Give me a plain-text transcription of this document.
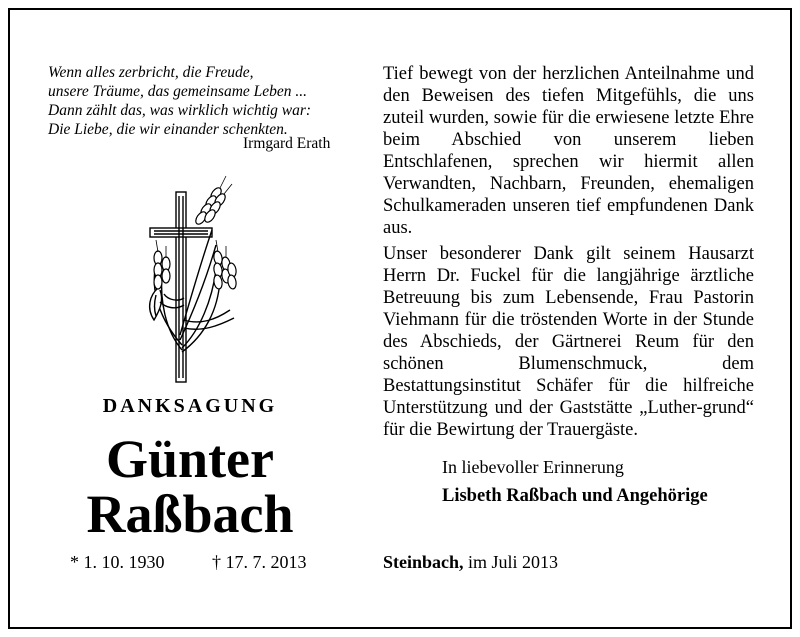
Wenn alles zerbricht, die Freude,
unsere Träume, das gemeinsame Leben ...
Dann zählt das, was wirklich wichtig war:
Die Liebe, die wir einander schenkten.
Irmgard Erath
DANKSAGUNG
Günter
Raßbach
* 1. 10. 1930	† 17. 7. 2013
Tief bewegt von der herzlichen Anteilnahme und den Beweisen des tiefen Mitgefühls, die uns zuteil wurden, sowie für die erwiesene letzte Ehre beim Abschied von unserem lieben Entschlafenen, sprechen wir hiermit allen Verwandten, Nachbarn, Freunden, ehemaligen Schulkameraden unseren tief empfundenen Dank aus.
Unser besonderer Dank gilt seinem Hausarzt Herrn Dr. Fuckel für die langjährige ärztliche Betreuung bis zum Lebensende, Frau Pastorin Viehmann für die tröstenden Worte in der Stunde des Abschieds, der Gärtnerei Reum für den schönen Blumenschmuck, dem Bestattungsinstitut Schäfer für die hilfreiche Unterstützung und der Gaststätte „Luther-grund“ für die Bewirtung der Trauergäste.
In liebevoller Erinnerung
Lisbeth Raßbach und Angehörige
Steinbach, im Juli 2013
